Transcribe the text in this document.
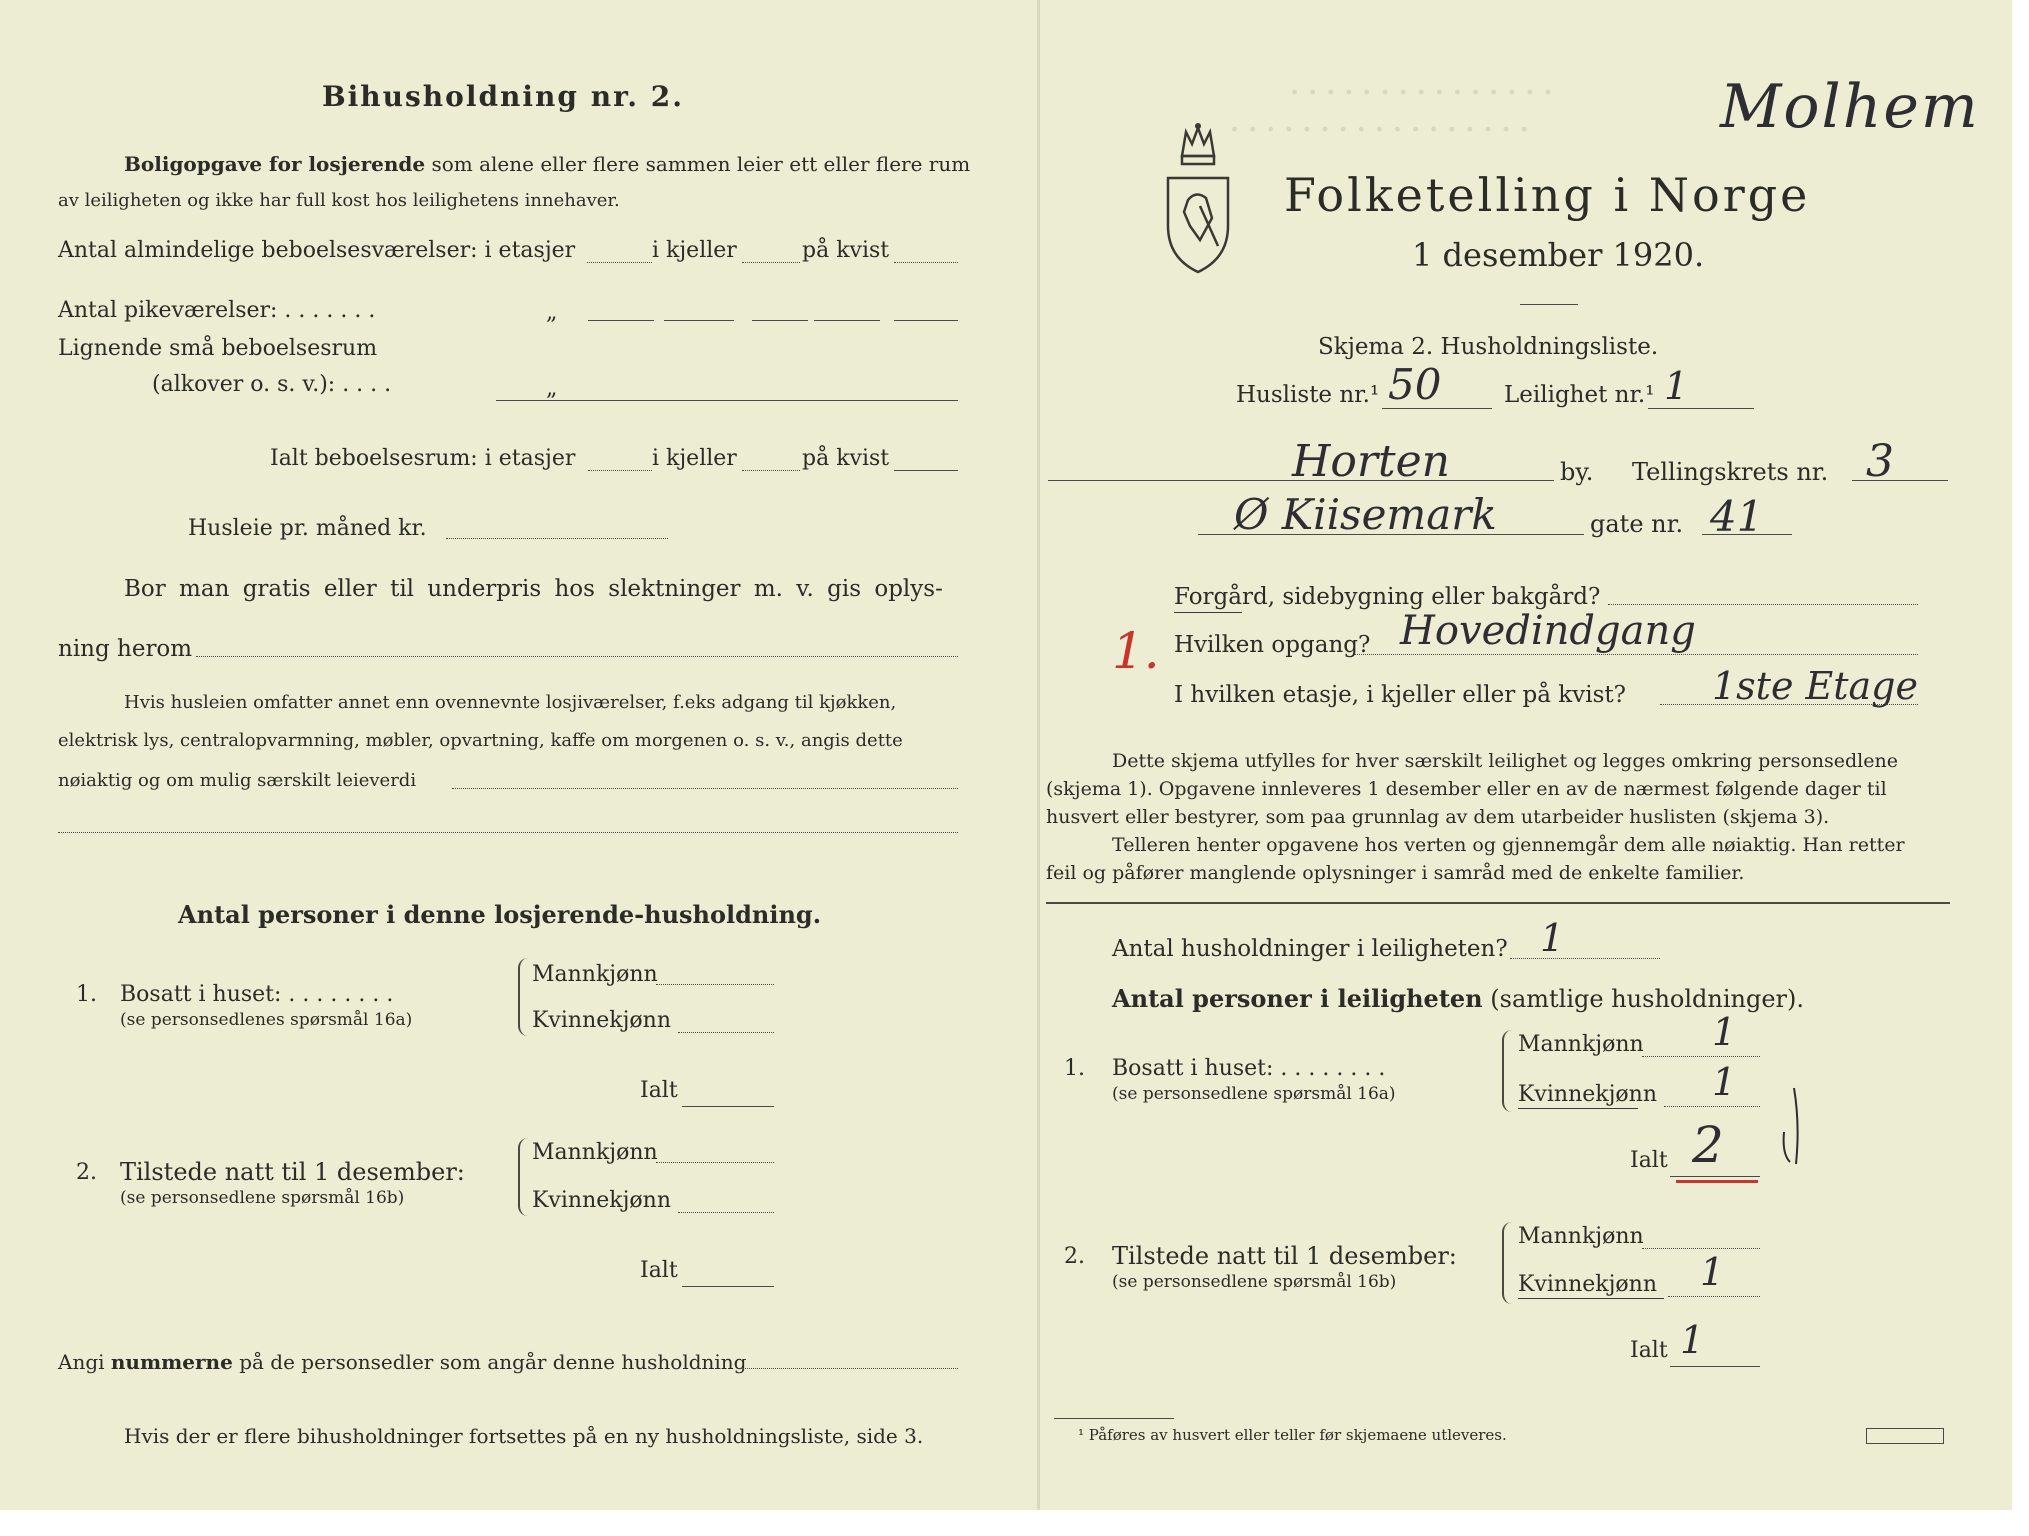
· · · · · · · · · · · · · · ·
· · · · · · · · · · · · · · · · ·
Bihusholdning nr. 2.
Boligopgave for losjerende som alene eller flere sammen leier ett eller flere rum
av leiligheten og ikke har full kost hos leilighetens innehaver.
Antal almindelige beboelsesværelser: i etasjer	i kjeller	på kvist
Antal pikeværelser: . . . . . . .	„
Lignende små beboelsesrum
(alkover o. s. v.): . . . .	„
Ialt beboelsesrum: i etasjer	i kjeller	på kvist
Husleie pr. måned kr.
Bor man gratis eller til underpris hos slektninger m. v. gis oplys-
ning herom
Hvis husleien omfatter annet enn ovennevnte losjiværelser, f.eks adgang til kjøkken,
elektrisk lys, centralopvarmning, møbler, opvartning, kaffe om morgenen o. s. v., angis dette
nøiaktig og om mulig særskilt leieverdi
Antal personer i denne losjerende-husholdning.
1. Bosatt i huset: . . . . . . . .
(se personsedlenes spørsmål 16a)
Mannkjønn
Kvinnekjønn
Ialt
2. Tilstede natt til 1 desember:
(se personsedlene spørsmål 16b)
Mannkjønn
Kvinnekjønn
Ialt
Angi nummerne på de personsedler som angår denne husholdning
Hvis der er flere bihusholdninger fortsettes på en ny husholdningsliste, side 3.
Folketelling i Norge
1 desember 1920.
Skjema 2. Husholdningsliste.
Husliste nr.¹ 50	Leilighet nr.¹ 1
Horten	by. Tellingskrets nr. 3
Ø Kiisemark	gate nr. 41
Forgård, sidebygning eller bakgård?
1. Hvilken opgang? Hovedindgang
I hvilken etasje, i kjeller eller på kvist? 1ste Etage
Dette skjema utfylles for hver særskilt leilighet og legges omkring personsedlene
(skjema 1). Opgavene innleveres 1 desember eller en av de nærmest følgende dager til
husvert eller bestyrer, som paa grunnlag av dem utarbeider huslisten (skjema 3).
Telleren henter opgavene hos verten og gjennemgår dem alle nøiaktig. Han retter
feil og påfører manglende oplysninger i samråd med de enkelte familier.
Antal husholdninger i leiligheten? 1
Antal personer i leiligheten (samtlige husholdninger).
1. Bosatt i huset: . . . . . . . .
(se personsedlene spørsmål 16a)
Mannkjønn 1
Kvinnekjønn 1
Ialt 2
2. Tilstede natt til 1 desember:
(se personsedlene spørsmål 16b)
Mannkjønn
Kvinnekjønn 1
Ialt 1
¹ Påføres av husvert eller teller før skjemaene utleveres.
Molhem
